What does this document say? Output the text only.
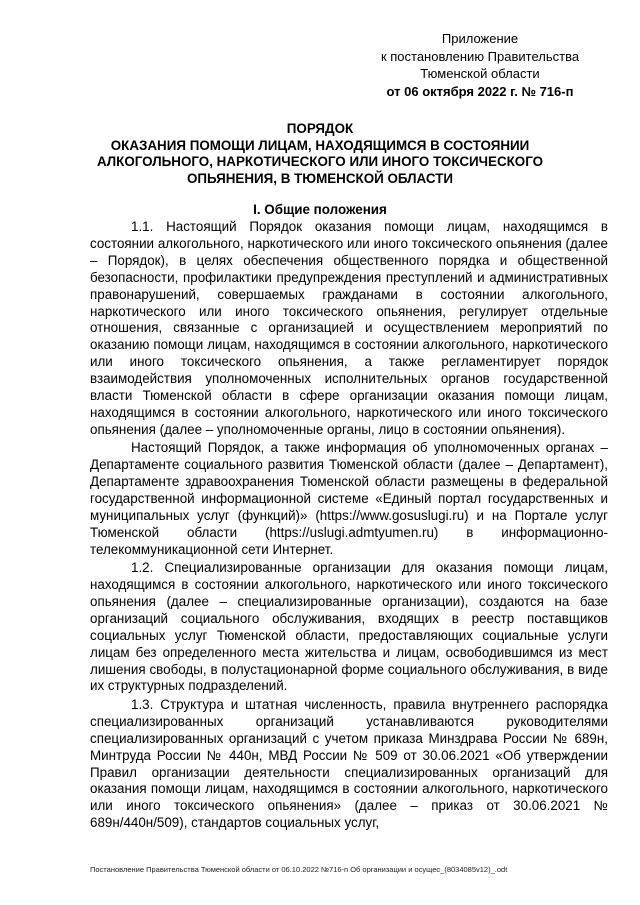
Приложение
к постановлению Правительства
Тюменской области
от 06 октября 2022 г. № 716-п
ПОРЯДОК
ОКАЗАНИЯ ПОМОЩИ ЛИЦАМ, НАХОДЯЩИМСЯ В СОСТОЯНИИ
АЛКОГОЛЬНОГО, НАРКОТИЧЕСКОГО ИЛИ ИНОГО ТОКСИЧЕСКОГО
ОПЬЯНЕНИЯ, В ТЮМЕНСКОЙ ОБЛАСТИ
I. Общие положения

1.1. Настоящий Порядок оказания помощи лицам, находящимся в состоянии алкогольного, наркотического или иного токсического опьянения (далее – Порядок), в целях обеспечения общественного порядка и общественной безопасности, профилактики предупреждения преступлений и административных правонарушений, совершаемых гражданами в состоянии алкогольного, наркотического или иного токсического опьянения, регулирует отдельные отношения, связанные с организацией и осуществлением мероприятий по оказанию помощи лицам, находящимся в состоянии алкогольного, наркотического или иного токсического опьянения, а также регламентирует порядок взаимодействия уполномоченных исполнительных органов государственной власти Тюменской области в сфере организации оказания помощи лицам, находящимся в состоянии алкогольного, наркотического или иного токсического опьянения (далее – уполномоченные органы, лицо в состоянии опьянения).

Настоящий Порядок, а также информация об уполномоченных органах – Департаменте социального развития Тюменской области (далее – Департамент), Департаменте здравоохранения Тюменской области размещены в федеральной государственной информационной системе «Единый портал государственных и муниципальных услуг (функций)» (https://www.gosuslugi.ru) и на Портале услуг Тюменской области (https://uslugi.admtyumen.ru) в информационно-телекоммуникационной сети Интернет.

1.2. Специализированные организации для оказания помощи лицам, находящимся в состоянии алкогольного, наркотического или иного токсического опьянения (далее – специализированные организации), создаются на базе организаций социального обслуживания, входящих в реестр поставщиков социальных услуг Тюменской области, предоставляющих социальные услуги лицам без определенного места жительства и лицам, освободившимся из мест лишения свободы, в полустационарной форме социального обслуживания, в виде их структурных подразделений.

1.3. Структура и штатная численность, правила внутреннего распорядка специализированных организаций устанавливаются руководителями специализированных организаций с учетом приказа Минздрава России № 689н, Минтруда России № 440н, МВД России № 509 от 30.06.2021 «Об утверждении Правил организации деятельности специализированных организаций для оказания помощи лицам, находящимся в состоянии алкогольного, наркотического или иного токсического опьянения» (далее – приказ от 30.06.2021 № 689н/440н/509), стандартов социальных услуг,

Постановление Правительства Тюменской области от 06.10.2022 №716-п Об организации и осущес_(8034085v12)_.odt
